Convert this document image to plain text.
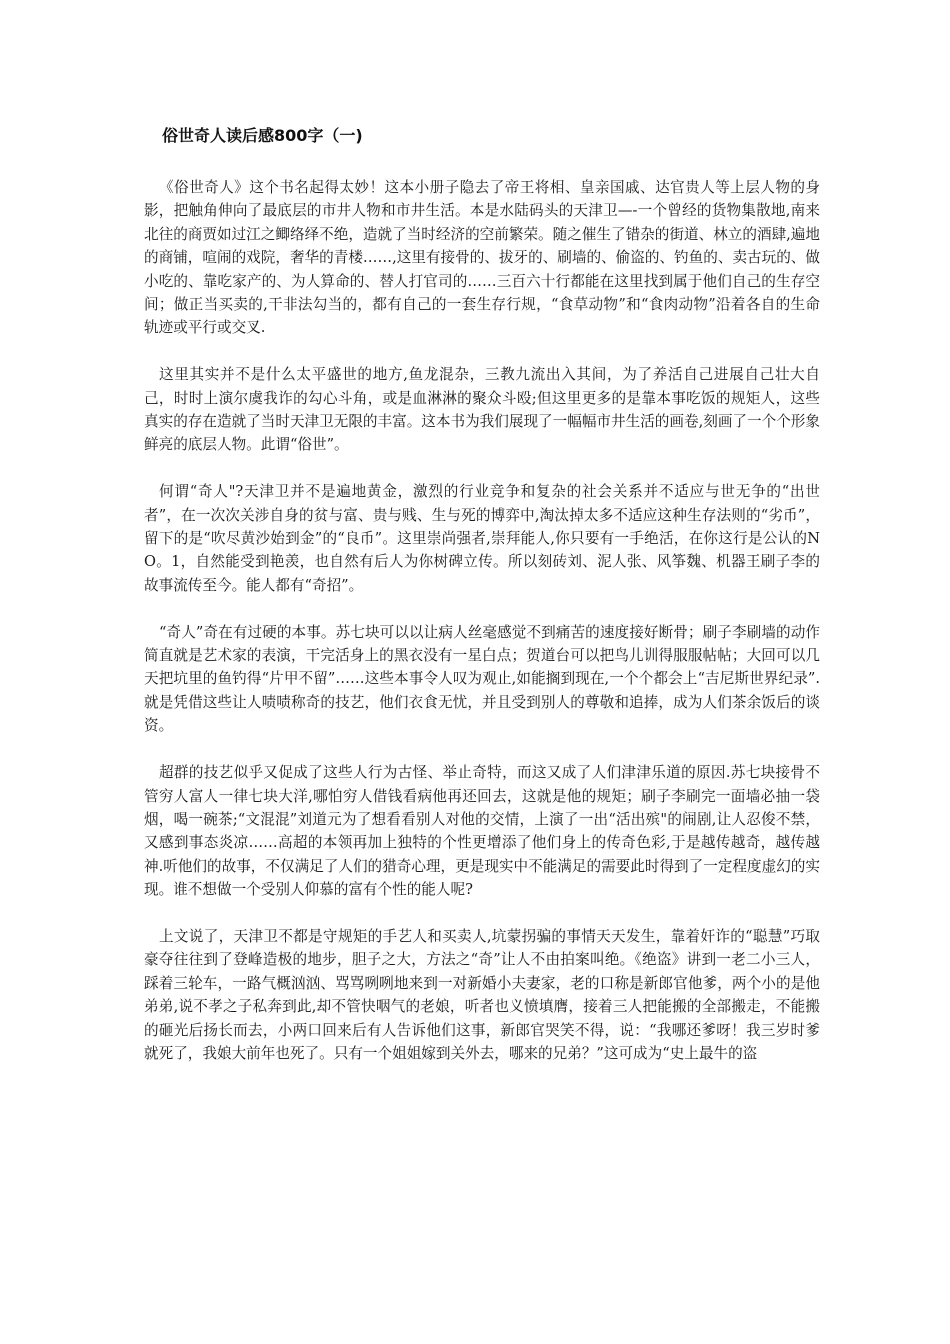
俗世奇人读后感800字（一)

《俗世奇人》这个书名起得太妙！这本小册子隐去了帝王将相、皇亲国戚、达官贵人等上层人物的身影，把触角伸向了最底层的市井人物和市井生活。本是水陆码头的天津卫—-一个曾经的货物集散地,南来北往的商贾如过江之鲫络绎不绝，造就了当时经济的空前繁荣。随之催生了错杂的街道、林立的酒肆,遍地的商铺，喧闹的戏院，奢华的青楼……,这里有接骨的、拔牙的、刷墙的、偷盗的、钓鱼的、卖古玩的、做小吃的、靠吃家产的、为人算命的、替人打官司的……三百六十行都能在这里找到属于他们自己的生存空间；做正当买卖的,干非法勾当的，都有自己的一套生存行规，“食草动物”和“食肉动物”沿着各自的生命轨迹或平行或交叉.

这里其实并不是什么太平盛世的地方,鱼龙混杂，三教九流出入其间，为了养活自己进展自己壮大自己，时时上演尔虞我诈的勾心斗角，或是血淋淋的聚众斗殴;但这里更多的是靠本事吃饭的规矩人，这些真实的存在造就了当时天津卫无限的丰富。这本书为我们展现了一幅幅市井生活的画卷,刻画了一个个形象鲜亮的底层人物。此谓“俗世”。

何谓“奇人"?天津卫并不是遍地黄金，激烈的行业竞争和复杂的社会关系并不适应与世无争的“出世者”，在一次次关涉自身的贫与富、贵与贱、生与死的博弈中,淘汰掉太多不适应这种生存法则的“劣币”，留下的是“吹尽黄沙始到金”的“良币”。这里崇尚强者,崇拜能人,你只要有一手绝活，在你这行是公认的NO。1，自然能受到艳羡，也自然有后人为你树碑立传。所以刻砖刘、泥人张、风筝魏、机器王刷子李的故事流传至今。能人都有“奇招”。

“奇人”奇在有过硬的本事。苏七块可以以让病人丝毫感觉不到痛苦的速度接好断骨；刷子李刷墙的动作简直就是艺术家的表演，干完活身上的黑衣没有一星白点；贺道台可以把鸟儿训得服服帖帖；大回可以几天把坑里的鱼钓得“片甲不留”……这些本事令人叹为观止,如能搁到现在,一个个都会上“吉尼斯世界纪录”.就是凭借这些让人啧啧称奇的技艺，他们衣食无忧，并且受到别人的尊敬和追捧，成为人们茶余饭后的谈资。

超群的技艺似乎又促成了这些人行为古怪、举止奇特，而这又成了人们津津乐道的原因.苏七块接骨不管穷人富人一律七块大洋,哪怕穷人借钱看病他再还回去，这就是他的规矩；刷子李刷完一面墙必抽一袋烟，喝一碗茶;“文混混”刘道元为了想看看别人对他的交情，上演了一出“活出殡"的闹剧,让人忍俊不禁，又感到事态炎凉……高超的本领再加上独特的个性更增添了他们身上的传奇色彩,于是越传越奇，越传越神.听他们的故事，不仅满足了人们的猎奇心理，更是现实中不能满足的需要此时得到了一定程度虚幻的实现。谁不想做一个受别人仰慕的富有个性的能人呢?

上文说了，天津卫不都是守规矩的手艺人和买卖人,坑蒙拐骗的事情天天发生，靠着奸诈的“聪慧”巧取豪夺往往到了登峰造极的地步，胆子之大，方法之“奇”让人不由拍案叫绝。《绝盗》讲到一老二小三人，踩着三轮车，一路气概汹汹、骂骂咧咧地来到一对新婚小夫妻家，老的口称是新郎官他爹，两个小的是他弟弟,说不孝之子私奔到此,却不管快咽气的老娘，听者也义愤填膺，接着三人把能搬的全部搬走，不能搬的砸光后扬长而去，小两口回来后有人告诉他们这事，新郎官哭笑不得，说：“我哪还爹呀！我三岁时爹就死了，我娘大前年也死了。只有一个姐姐嫁到关外去，哪来的兄弟？”这可成为“史上最牛的盗
